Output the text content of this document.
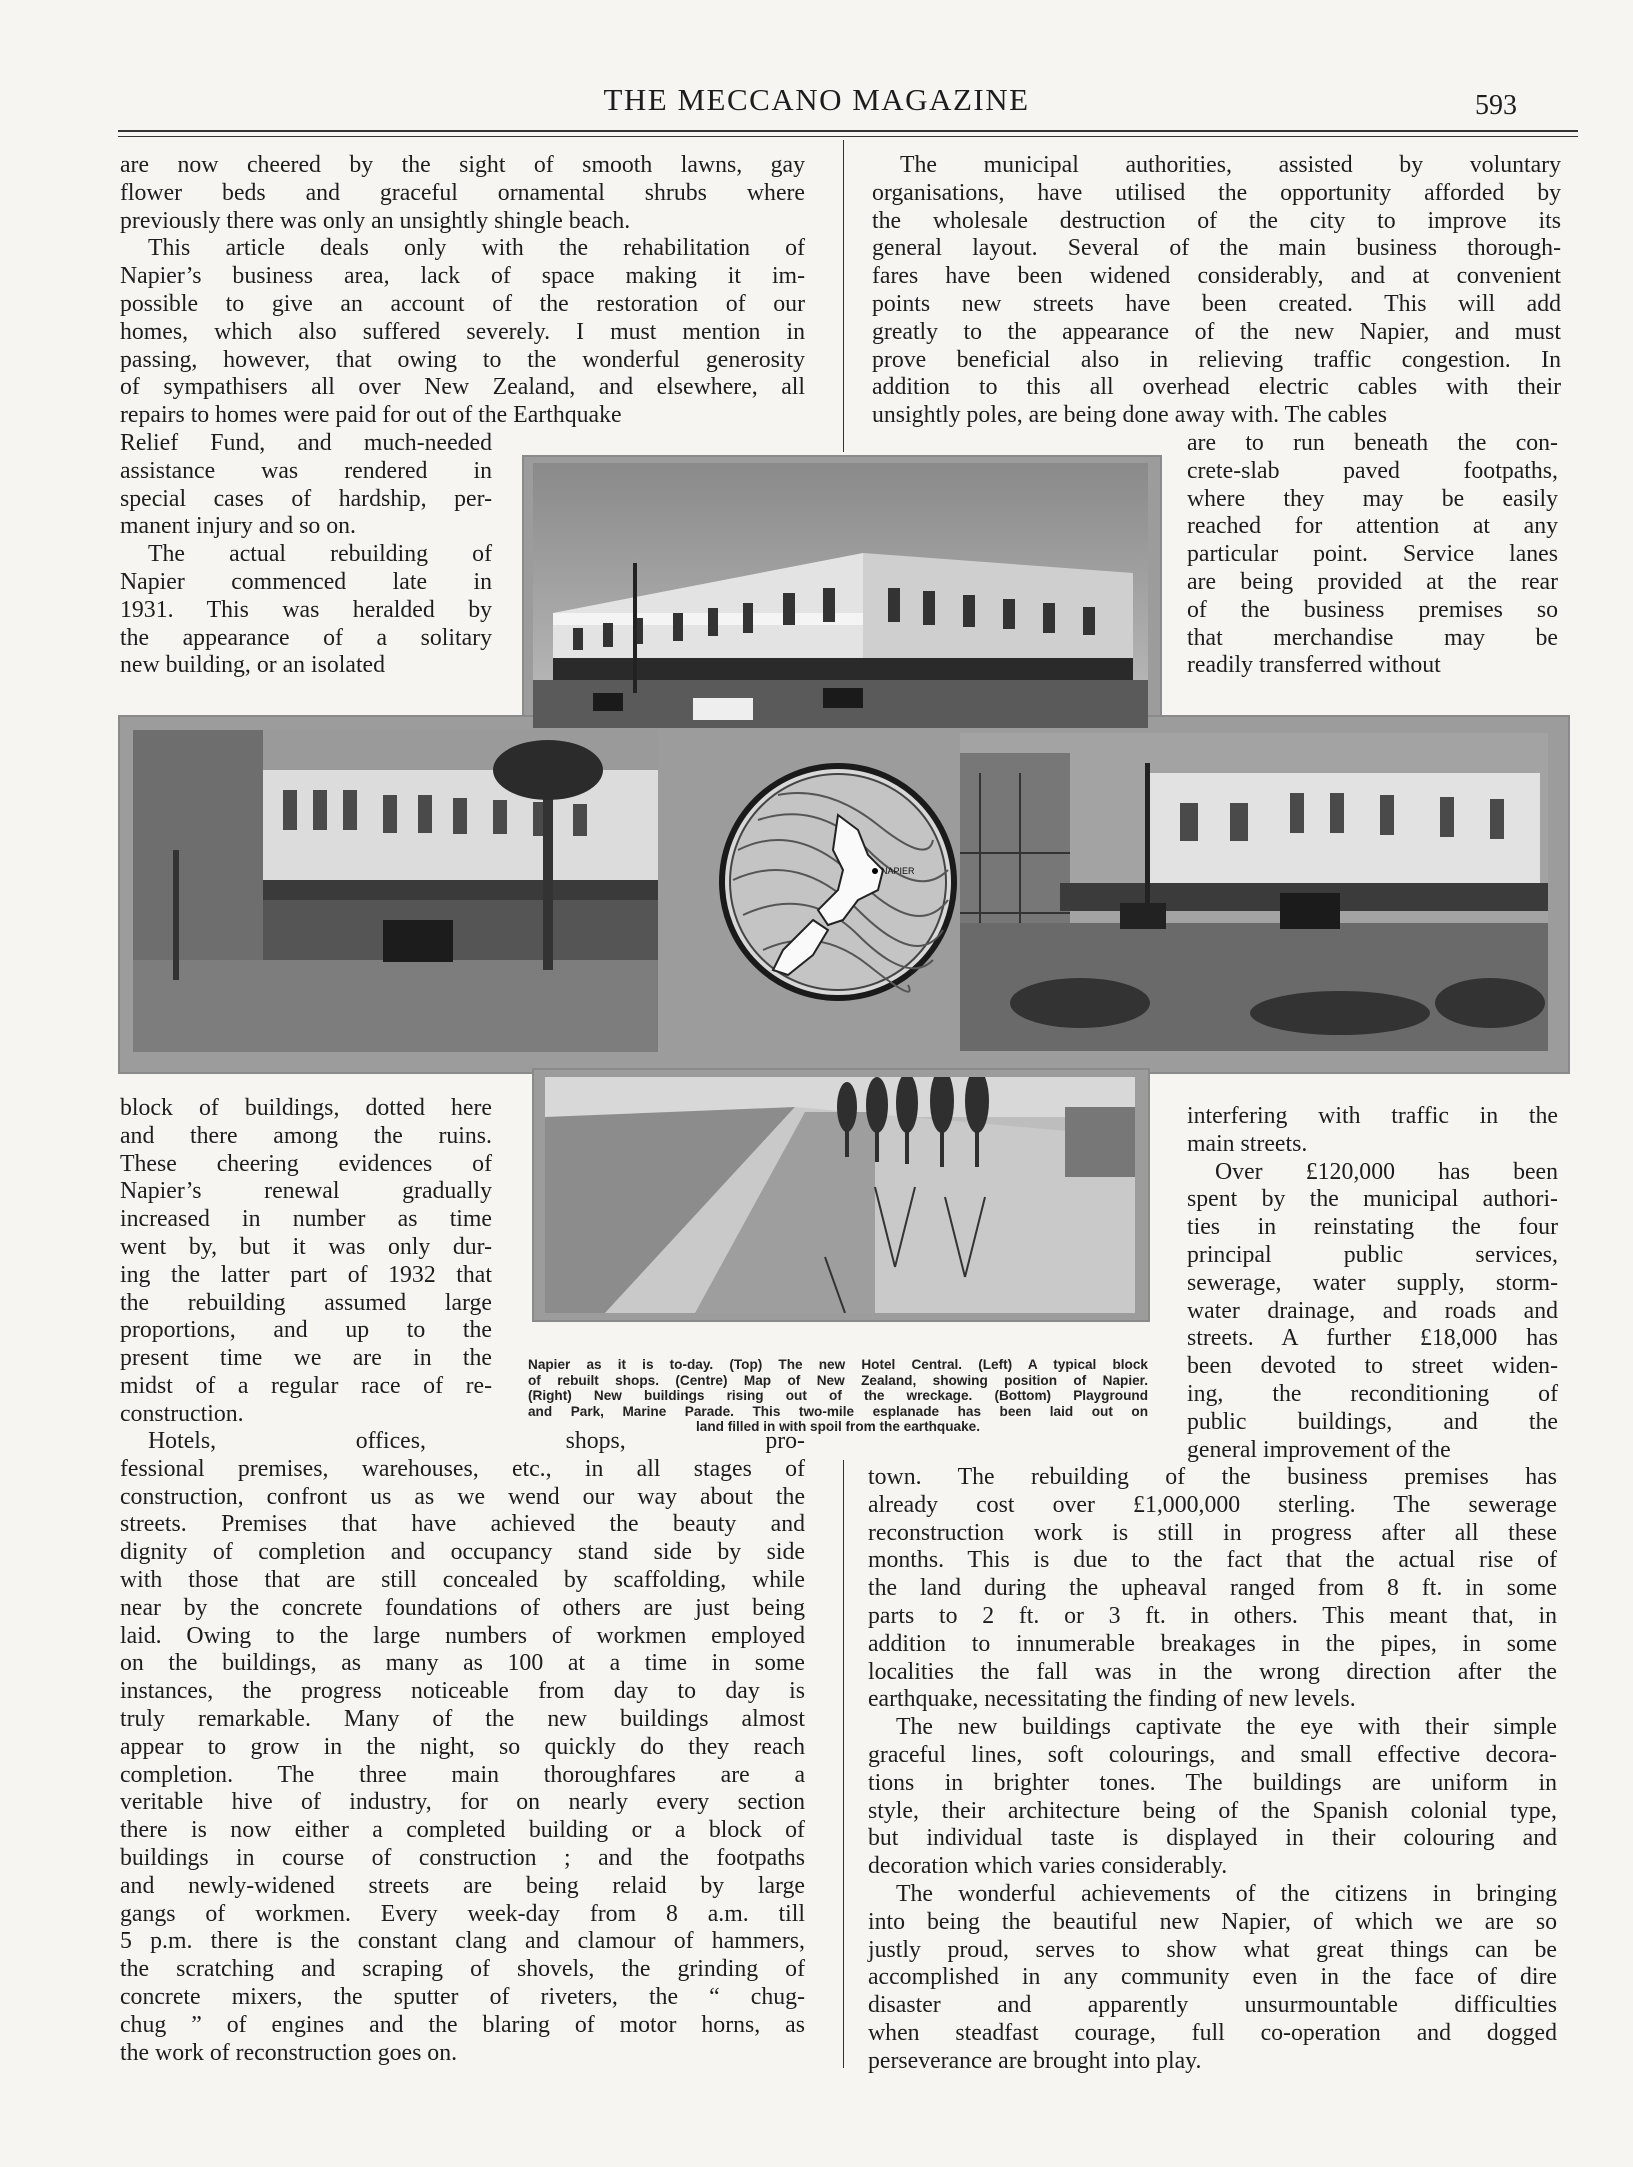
THE MECCANO MAGAZINE	593
are now cheered by the sight of smooth lawns, gay
flower beds and graceful ornamental shrubs where
previously there was only an unsightly shingle beach.
This article deals only with the rehabilitation of
Napier’s business area, lack of space making it im-
possible to give an account of the restoration of our
homes, which also suffered severely. I must mention in
passing, however, that owing to the wonderful generosity
of sympathisers all over New Zealand, and elsewhere, all
repairs to homes were paid for out of the Earthquake
Relief Fund, and much-needed
assistance was rendered in
special cases of hardship, per-
manent injury and so on.
The actual rebuilding of
Napier commenced late in
1931. This was heralded by
the appearance of a solitary
new building, or an isolated
The municipal authorities, assisted by voluntary
organisations, have utilised the opportunity afforded by
the wholesale destruction of the city to improve its
general layout. Several of the main business thorough-
fares have been widened considerably, and at convenient
points new streets have been created. This will add
greatly to the appearance of the new Napier, and must
prove beneficial also in relieving traffic congestion. In
addition to this all overhead electric cables with their
unsightly poles, are being done away with. The cables
are to run beneath the con-
crete-slab paved footpaths,
where they may be easily
reached for attention at any
particular point. Service lanes
are being provided at the rear
of the business premises so
that merchandise may be
readily transferred without
block of buildings, dotted here
and there among the ruins.
These cheering evidences of
Napier’s renewal gradually
increased in number as time
went by, but it was only dur-
ing the latter part of 1932 that
the rebuilding assumed large
proportions, and up to the
present time we are in the
midst of a regular race of re-
construction.
Hotels, offices, shops, pro-
fessional premises, warehouses, etc., in all stages of
construction, confront us as we wend our way about the
streets. Premises that have achieved the beauty and
dignity of completion and occupancy stand side by side
with those that are still concealed by scaffolding, while
near by the concrete foundations of others are just being
laid. Owing to the large numbers of workmen employed
on the buildings, as many as 100 at a time in some
instances, the progress noticeable from day to day is
truly remarkable. Many of the new buildings almost
appear to grow in the night, so quickly do they reach
completion. The three main thoroughfares are a
veritable hive of industry, for on nearly every section
there is now either a completed building or a block of
buildings in course of construction ; and the footpaths
and newly-widened streets are being relaid by large
gangs of workmen. Every week-day from 8 a.m. till
5 p.m. there is the constant clang and clamour of hammers,
the scratching and scraping of shovels, the grinding of
concrete mixers, the sputter of riveters, the “ chug-
chug ” of engines and the blaring of motor horns, as
the work of reconstruction goes on.
interfering with traffic in the
main streets.
Over £120,000 has been
spent by the municipal authori-
ties in reinstating the four
principal public services,
sewerage, water supply, storm-
water drainage, and roads and
streets. A further £18,000 has
been devoted to street widen-
ing, the reconditioning of
public buildings, and the
general improvement of the
town. The rebuilding of the business premises has
already cost over £1,000,000 sterling. The sewerage
reconstruction work is still in progress after all these
months. This is due to the fact that the actual rise of
the land during the upheaval ranged from 8 ft. in some
parts to 2 ft. or 3 ft. in others. This meant that, in
addition to innumerable breakages in the pipes, in some
localities the fall was in the wrong direction after the
earthquake, necessitating the finding of new levels.
The new buildings captivate the eye with their simple
graceful lines, soft colourings, and small effective decora-
tions in brighter tones. The buildings are uniform in
style, their architecture being of the Spanish colonial type,
but individual taste is displayed in their colouring and
decoration which varies considerably.
The wonderful achievements of the citizens in bringing
into being the beautiful new Napier, of which we are so
justly proud, serves to show what great things can be
accomplished in any community even in the face of dire
disaster and apparently unsurmountable difficulties
when steadfast courage, full co-operation and dogged
perseverance are brought into play.
Napier as it is to-day. (Top) The new Hotel Central. (Left) A typical block
of rebuilt shops. (Centre) Map of New Zealand, showing position of Napier.
(Right) New buildings rising out of the wreckage. (Bottom) Playground
and Park, Marine Parade. This two-mile esplanade has been laid out on
land filled in with spoil from the earthquake.
NAPIER
